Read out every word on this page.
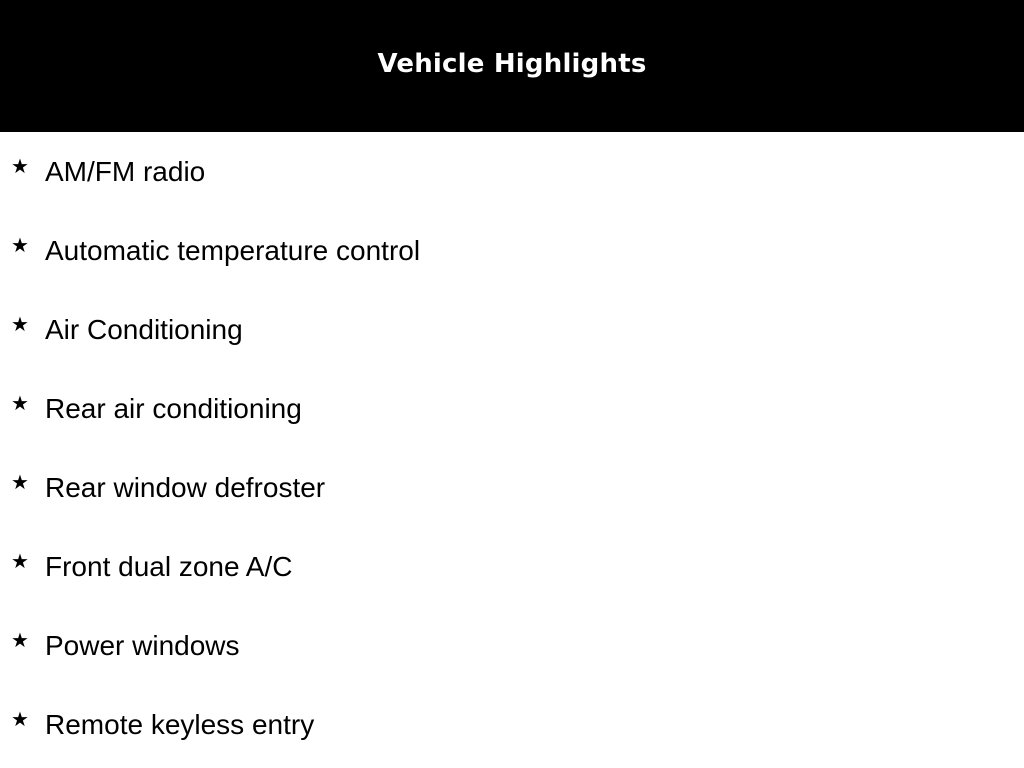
Vehicle Highlights
★ AM/FM radio
★ Automatic temperature control
★ Air Conditioning
★ Rear air conditioning
★ Rear window defroster
★ Front dual zone A/C
★ Power windows
★ Remote keyless entry
